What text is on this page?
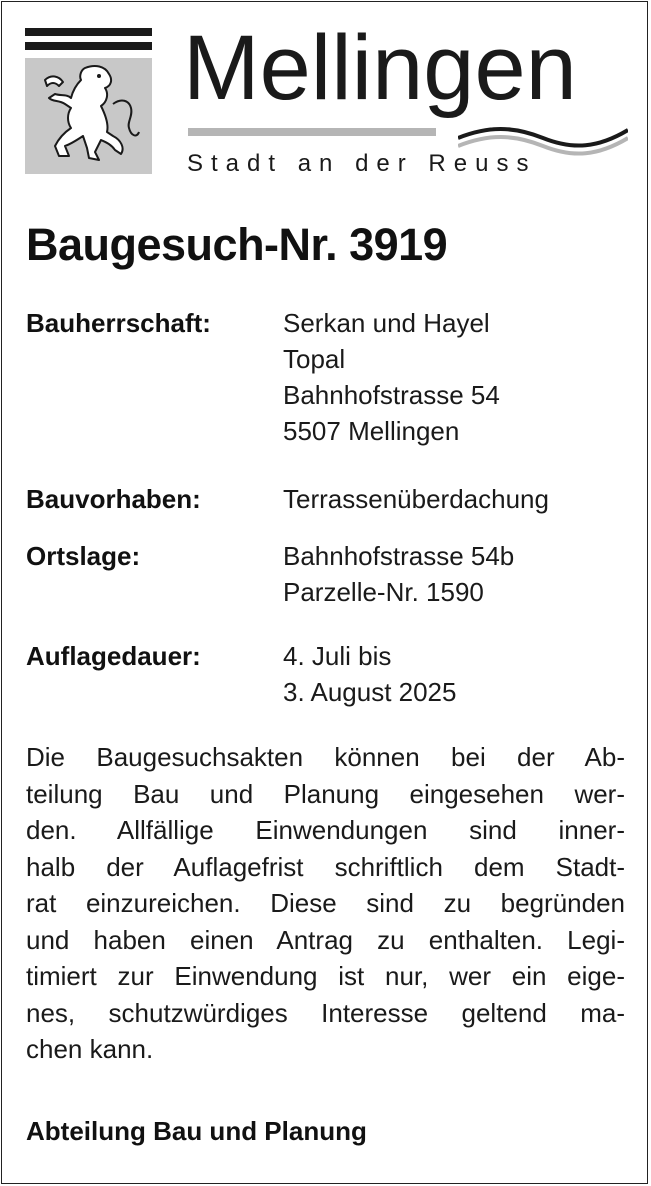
Mellingen
Stadt an der Reuss
Baugesuch-Nr. 3919
Bauherrschaft:	Serkan und Hayel
Topal
Bahnhofstrasse 54
5507 Mellingen
Bauvorhaben:	Terrassenüberdachung
Ortslage:	Bahnhofstrasse 54b
Parzelle-Nr. 1590
Auflagedauer:	4. Juli bis
3. August 2025
Die Baugesuchsakten können bei der Ab-
teilung Bau und Planung eingesehen wer-
den. Allfällige Einwendungen sind inner-
halb der Auflagefrist schriftlich dem Stadt-
rat einzureichen. Diese sind zu begründen
und haben einen Antrag zu enthalten. Legi-
timiert zur Einwendung ist nur, wer ein eige-
nes, schutzwürdiges Interesse geltend ma-
chen kann.
Abteilung Bau und Planung
